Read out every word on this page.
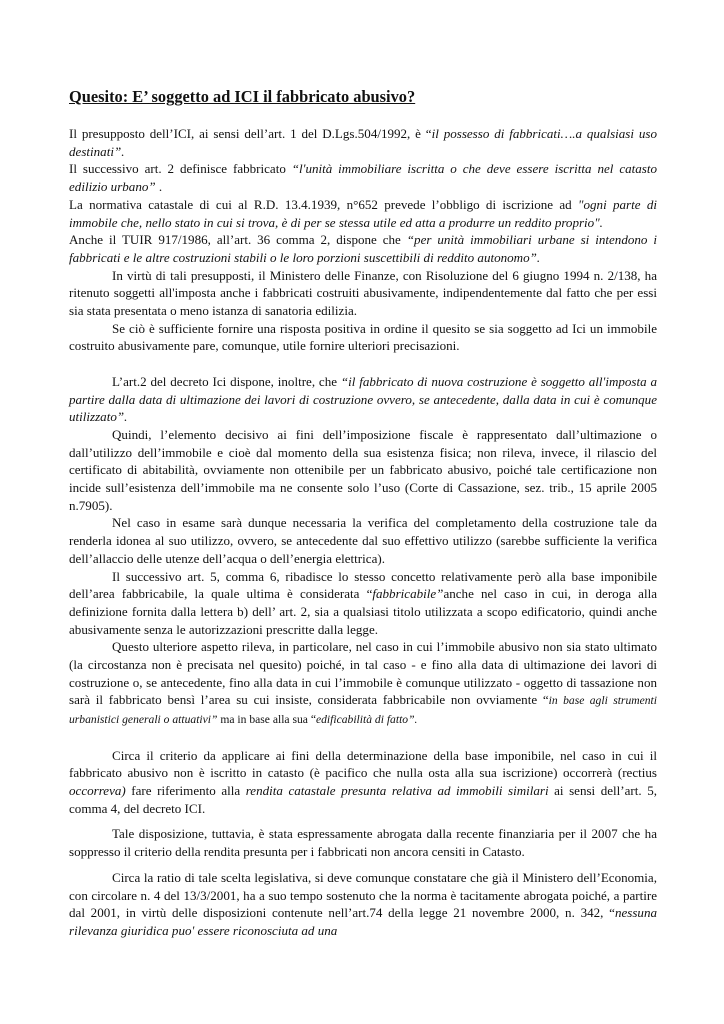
Quesito: E’ soggetto ad ICI il fabbricato abusivo?

Il presupposto dell’ICI, ai sensi dell’art. 1 del D.Lgs.504/1992, è “il possesso di fabbricati….a qualsiasi uso destinati”.

Il successivo art. 2 definisce fabbricato “l'unità immobiliare iscritta o che deve essere iscritta nel catasto edilizio urbano” .

La normativa catastale di cui al R.D. 13.4.1939, n°652 prevede l’obbligo di iscrizione ad "ogni parte di immobile che, nello stato in cui si trova, è di per se stessa utile ed atta a produrre un reddito proprio".

Anche il TUIR 917/1986, all’art. 36 comma 2, dispone che “per unità immobiliari urbane si intendono i fabbricati e le altre costruzioni stabili o le loro porzioni suscettibili di reddito autonomo”.

In virtù di tali presupposti, il Ministero delle Finanze, con Risoluzione del 6 giugno 1994 n. 2/138, ha ritenuto soggetti all'imposta anche i fabbricati costruiti abusivamente, indipendentemente dal fatto che per essi sia stata presentata o meno istanza di sanatoria edilizia.

Se ciò è sufficiente fornire una risposta positiva in ordine il quesito se sia soggetto ad Ici un immobile costruito abusivamente pare, comunque, utile fornire ulteriori precisazioni.

L’art.2 del decreto Ici dispone, inoltre, che “il fabbricato di nuova costruzione è soggetto all'imposta a partire dalla data di ultimazione dei lavori di costruzione ovvero, se antecedente, dalla data in cui è comunque utilizzato”.

Quindi, l’elemento decisivo ai fini dell’imposizione fiscale è rappresentato dall’ultimazione o dall’utilizzo dell’immobile e cioè dal momento della sua esistenza fisica; non rileva, invece, il rilascio del certificato di abitabilità, ovviamente non ottenibile per un fabbricato abusivo, poiché tale certificazione non incide sull’esistenza dell’immobile ma ne consente solo l’uso (Corte di Cassazione, sez. trib., 15 aprile 2005 n.7905).

Nel caso in esame sarà dunque necessaria la verifica del completamento della costruzione tale da renderla idonea al suo utilizzo, ovvero, se antecedente dal suo effettivo utilizzo (sarebbe sufficiente la verifica dell’allaccio delle utenze dell’acqua o dell’energia elettrica).

Il successivo art. 5, comma 6, ribadisce lo stesso concetto relativamente però alla base imponibile dell’area fabbricabile, la quale ultima è considerata “fabbricabile”anche nel caso in cui, in deroga alla definizione fornita dalla lettera b) dell’ art. 2, sia a qualsiasi titolo utilizzata a scopo edificatorio, quindi anche abusivamente senza le autorizzazioni prescritte dalla legge.

Questo ulteriore aspetto rileva, in particolare, nel caso in cui l’immobile abusivo non sia stato ultimato (la circostanza non è precisata nel quesito) poiché, in tal caso - e fino alla data di ultimazione dei lavori di costruzione o, se antecedente, fino alla data in cui l’immobile è comunque utilizzato - oggetto di tassazione non sarà il fabbricato bensì l’area su cui insiste, considerata fabbricabile non ovviamente “in base agli strumenti urbanistici generali o attuativi” ma in base alla sua “edificabilità di fatto”.

Circa il criterio da applicare ai fini della determinazione della base imponibile, nel caso in cui il fabbricato abusivo non è iscritto in catasto (è pacifico che nulla osta alla sua iscrizione) occorrerà (rectius occorreva) fare riferimento alla rendita catastale presunta relativa ad immobili similari ai sensi dell’art. 5, comma 4, del decreto ICI.

Tale disposizione, tuttavia, è stata espressamente abrogata dalla recente finanziaria per il 2007 che ha soppresso il criterio della rendita presunta per i fabbricati non ancora censiti in Catasto.

Circa la ratio di tale scelta legislativa, si deve comunque constatare che già il Ministero dell’Economia, con circolare n. 4 del 13/3/2001, ha a suo tempo sostenuto che la norma è tacitamente abrogata poiché, a partire dal 2001, in virtù delle disposizioni contenute nell’art.74 della legge 21 novembre 2000, n. 342, “nessuna rilevanza giuridica puo' essere riconosciuta ad una
